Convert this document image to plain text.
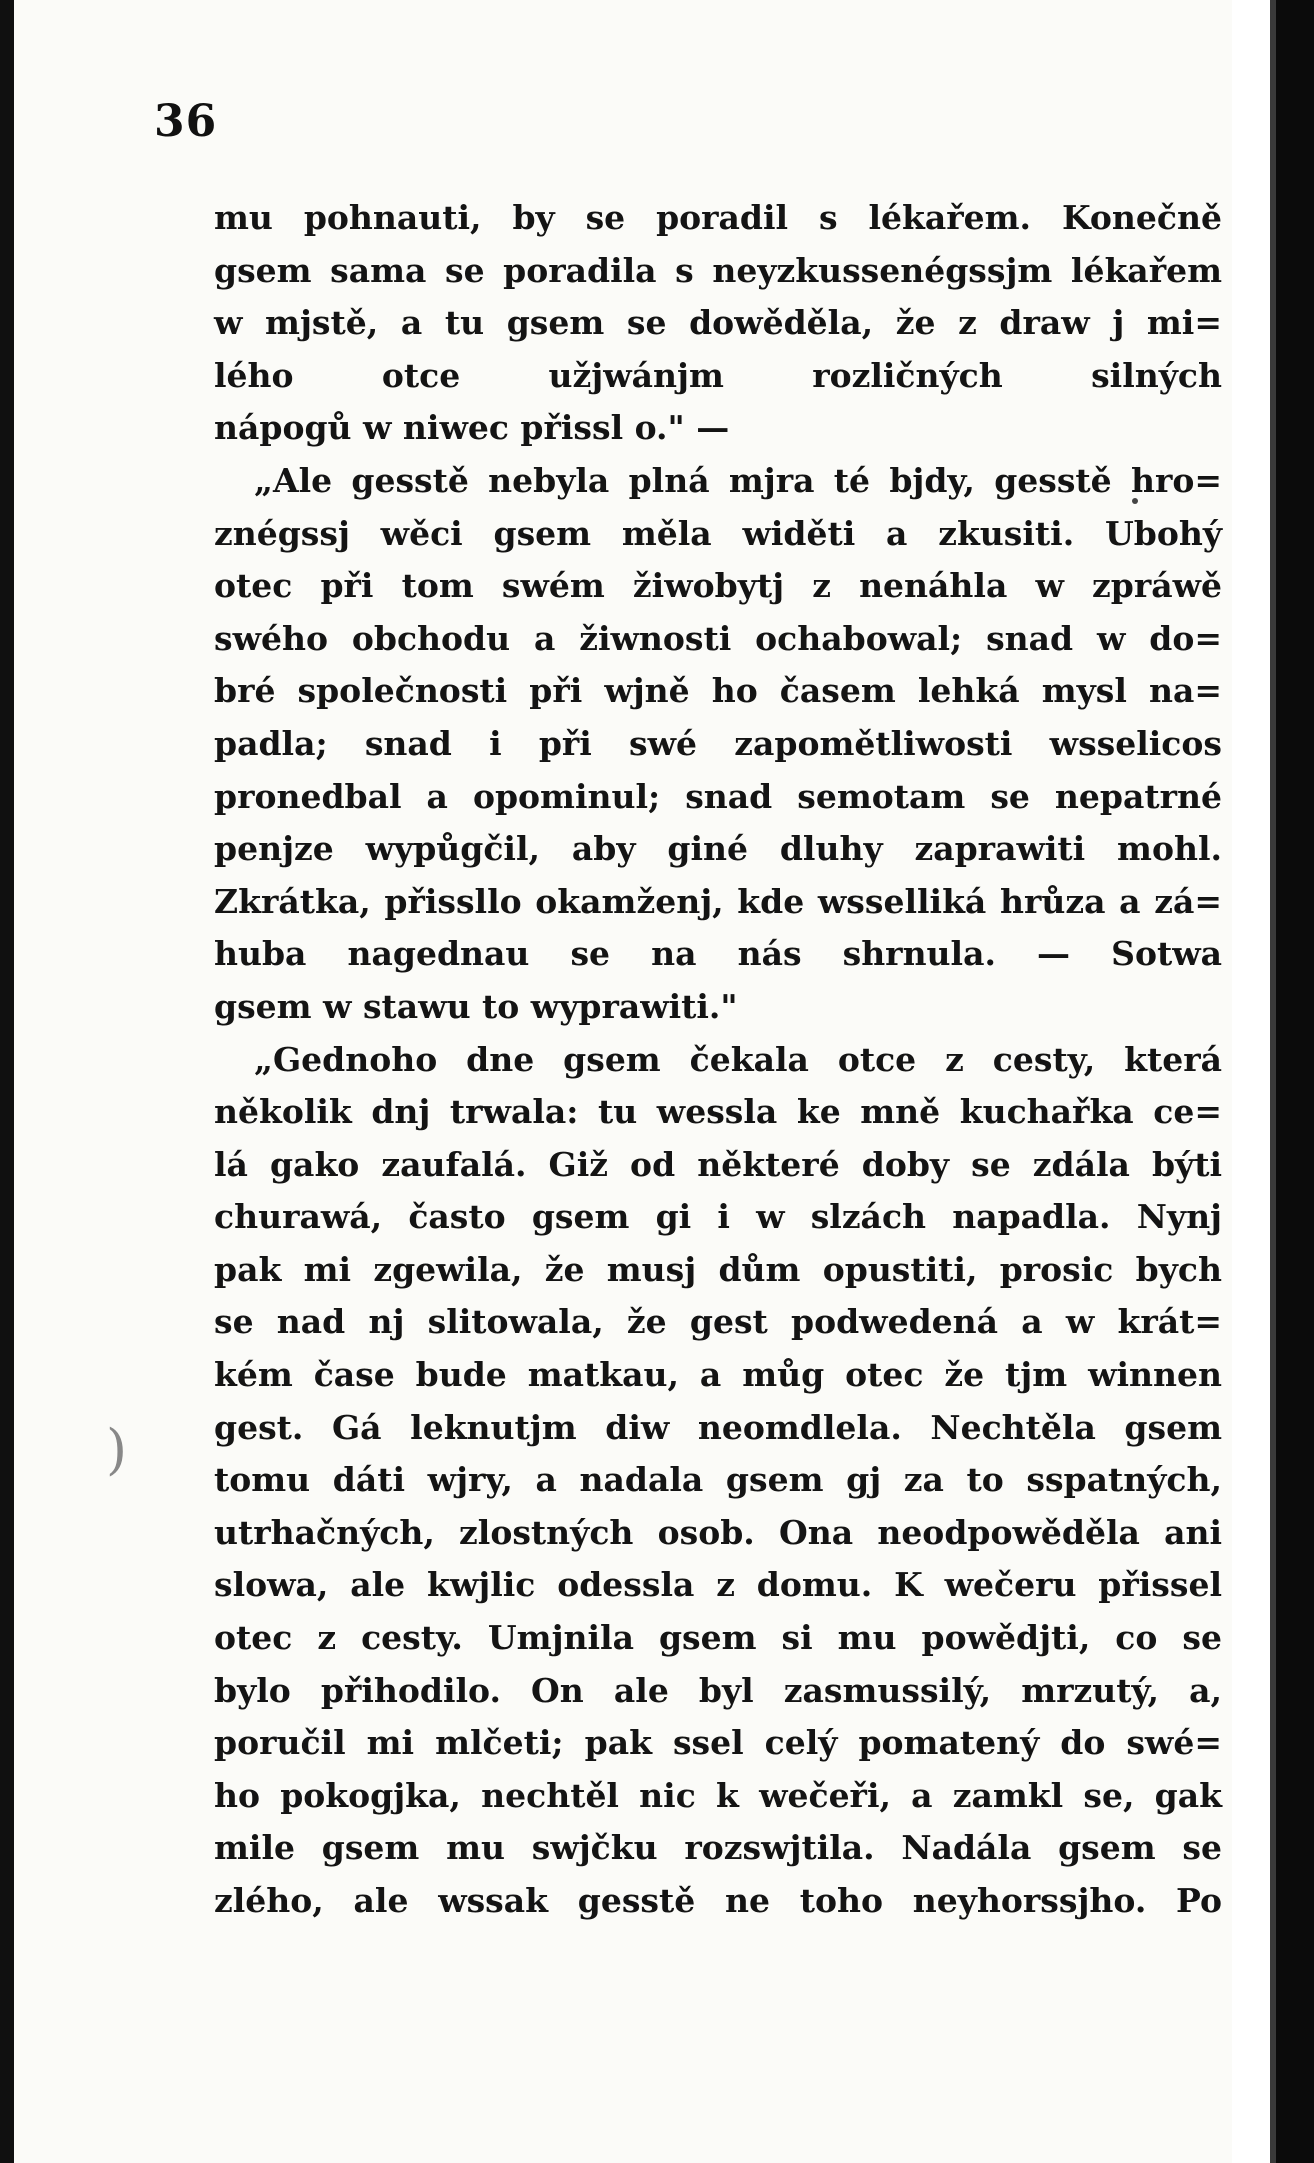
36
)
mu pohnauti, by se poradil s lékařem. Konečně
gsem sama se poradila s neyzkussenégssjm lékařem
w mjstě, a tu gsem se dowěděla, že z draw j mi=
lého otce užjwánjm rozličných silných
nápogů w niwec přissl o." —
„Ale gesstě nebyla plná mjra té bjdy, gesstě hro=
znégssj wěci gsem měla widěti a zkusiti. Ubohý
otec při tom swém žiwobytj z nenáhla w zpráwě
swého obchodu a žiwnosti ochabowal; snad w do=
bré společnosti při wjně ho časem lehká mysl na=
padla; snad i při swé zapomětliwosti wsselicos
pronedbal a opominul; snad semotam se nepatrné
penjze wypůgčil, aby giné dluhy zaprawiti mohl.
Zkrátka, přissllo okamženj, kde wsselliká hrůza a zá=
huba nagednau se na nás shrnula. — Sotwa
gsem w stawu to wyprawiti."
„Gednoho dne gsem čekala otce z cesty, která
několik dnj trwala: tu wessla ke mně kuchařka ce=
lá gako zaufalá. Giž od některé doby se zdála býti
churawá, často gsem gi i w slzách napadla. Nynj
pak mi zgewila, že musj dům opustiti, prosic bych
se nad nj slitowala, že gest podwedená a w krát=
kém čase bude matkau, a můg otec že tjm winnen
gest. Gá leknutjm diw neomdlela. Nechtěla gsem
tomu dáti wjry, a nadala gsem gj za to sspatných,
utrhačných, zlostných osob. Ona neodpowěděla ani
slowa, ale kwjlic odessla z domu. K wečeru přissel
otec z cesty. Umjnila gsem si mu powědjti, co se
bylo přihodilo. On ale byl zasmussilý, mrzutý, a,
poručil mi mlčeti; pak ssel celý pomatený do swé=
ho pokogjka, nechtěl nic k wečeři, a zamkl se, gak
mile gsem mu swjčku rozswjtila. Nadála gsem se
zlého, ale wssak gesstě ne toho neyhorssjho. Po
